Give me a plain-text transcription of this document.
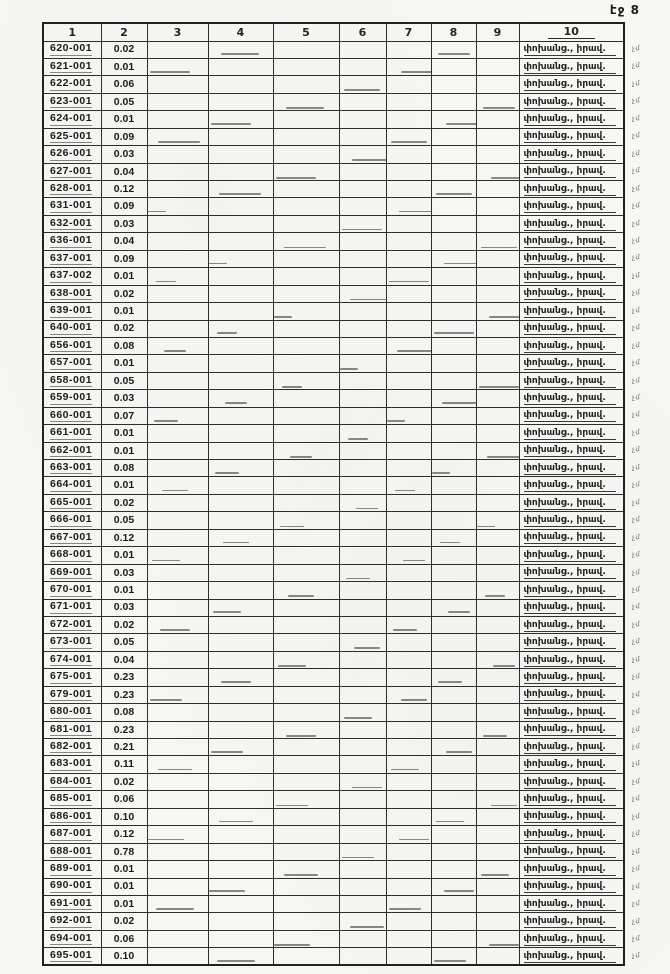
էջ 8
1	2	3	4	5	6	7	8	9	10
620-001	0.02								փոխանց., իրավ.
621-001	0.01								փոխանց., իրավ.
622-001	0.06								փոխանց., իրավ.
623-001	0.05								փոխանց., իրավ.
624-001	0.01								փոխանց., իրավ.
625-001	0.09								փոխանց., իրավ.
626-001	0.03								փոխանց., իրավ.
627-001	0.04								փոխանց., իրավ.
628-001	0.12								փոխանց., իրավ.
631-001	0.09								փոխանց., իրավ.
632-001	0.03								փոխանց., իրավ.
636-001	0.04								փոխանց., իրավ.
637-001	0.09								փոխանց., իրավ.
637-002	0.01								փոխանց., իրավ.
638-001	0.02								փոխանց., իրավ.
639-001	0.01								փոխանց., իրավ.
640-001	0.02								փոխանց., իրավ.
656-001	0.08								փոխանց., իրավ.
657-001	0.01								փոխանց., իրավ.
658-001	0.05								փոխանց., իրավ.
659-001	0.03								փոխանց., իրավ.
660-001	0.07								փոխանց., իրավ.
661-001	0.01								փոխանց., իրավ.
662-001	0.01								փոխանց., իրավ.
663-001	0.08								փոխանց., իրավ.
664-001	0.01								փոխանց., իրավ.
665-001	0.02								փոխանց., իրավ.
666-001	0.05								փոխանց., իրավ.
667-001	0.12								փոխանց., իրավ.
668-001	0.01								փոխանց., իրավ.
669-001	0.03								փոխանց., իրավ.
670-001	0.01								փոխանց., իրավ.
671-001	0.03								փոխանց., իրավ.
672-001	0.02								փոխանց., իրավ.
673-001	0.05								փոխանց., իրավ.
674-001	0.04								փոխանց., իրավ.
675-001	0.23								փոխանց., իրավ.
679-001	0.23								փոխանց., իրավ.
680-001	0.08								փոխանց., իրավ.
681-001	0.23								փոխանց., իրավ.
682-001	0.21								փոխանց., իրավ.
683-001	0.11								փոխանց., իրավ.
684-001	0.02								փոխանց., իրավ.
685-001	0.06								փոխանց., իրավ.
686-001	0.10								փոխանց., իրավ.
687-001	0.12								փոխանց., իրավ.
688-001	0.78								փոխանց., իրավ.
689-001	0.01								փոխանց., իրավ.
690-001	0.01								փոխանց., իրավ.
691-001	0.01								փոխանց., իրավ.
692-001	0.02								փոխանց., իրավ.
694-001	0.06								փոխանց., իրավ.
695-001	0.10								փոխանց., իրավ.
չմ
չմ
չմ
չմ
չմ
չմ
չմ
չմ
չմ
չմ
չմ
չմ
չմ
չմ
չմ
չմ
չմ
չմ
չմ
չմ
չմ
չմ
չմ
չմ
չմ
չմ
չմ
չմ
չմ
չմ
չմ
չմ
չմ
չմ
չմ
չմ
չմ
չմ
չմ
չմ
չմ
չմ
չմ
չմ
չմ
չմ
չմ
չմ
չմ
չմ
չմ
չմ
չմ
